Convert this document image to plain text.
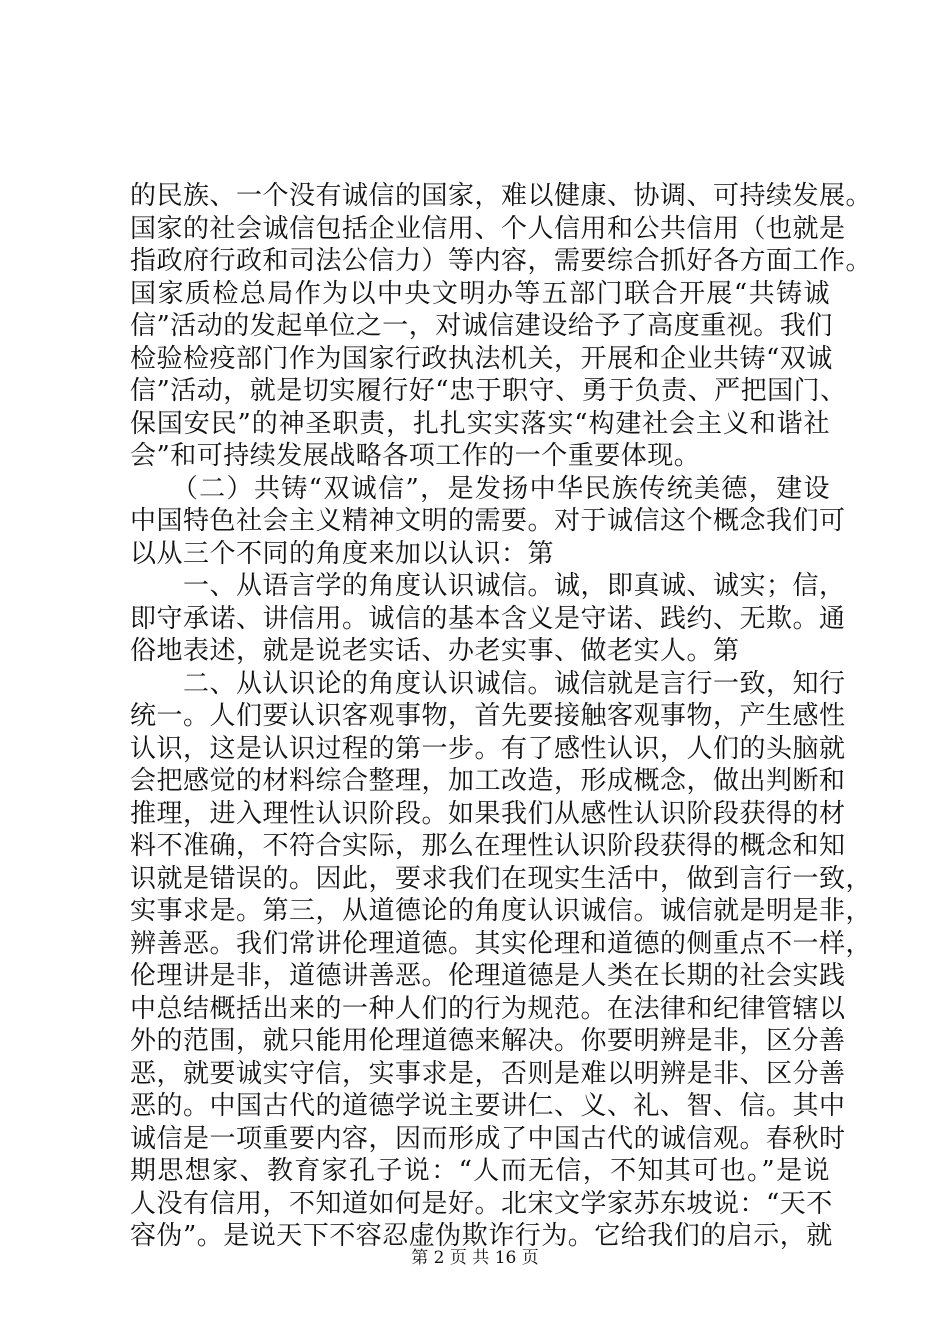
的民族、一个没有诚信的国家，难以健康、协调、可持续发展。
国家的社会诚信包括企业信用、个人信用和公共信用（也就是
指政府行政和司法公信力）等内容，需要综合抓好各方面工作。
国家质检总局作为以中央文明办等五部门联合开展“共铸诚
信”活动的发起单位之一，对诚信建设给予了高度重视。我们
检验检疫部门作为国家行政执法机关，开展和企业共铸“双诚
信”活动，就是切实履行好“忠于职守、勇于负责、严把国门、
保国安民”的神圣职责，扎扎实实落实“构建社会主义和谐社
会”和可持续发展战略各项工作的一个重要体现。
　　（二）共铸“双诚信”，是发扬中华民族传统美德，建设
中国特色社会主义精神文明的需要。对于诚信这个概念我们可
以从三个不同的角度来加以认识：第
　　一、从语言学的角度认识诚信。诚，即真诚、诚实；信，
即守承诺、讲信用。诚信的基本含义是守诺、践约、无欺。通
俗地表述，就是说老实话、办老实事、做老实人。第
　　二、从认识论的角度认识诚信。诚信就是言行一致，知行
统一。人们要认识客观事物，首先要接触客观事物，产生感性
认识，这是认识过程的第一步。有了感性认识，人们的头脑就
会把感觉的材料综合整理，加工改造，形成概念，做出判断和
推理，进入理性认识阶段。如果我们从感性认识阶段获得的材
料不准确，不符合实际，那么在理性认识阶段获得的概念和知
识就是错误的。因此，要求我们在现实生活中，做到言行一致，
实事求是。第三，从道德论的角度认识诚信。诚信就是明是非，
辨善恶。我们常讲伦理道德。其实伦理和道德的侧重点不一样，
伦理讲是非，道德讲善恶。伦理道德是人类在长期的社会实践
中总结概括出来的一种人们的行为规范。在法律和纪律管辖以
外的范围，就只能用伦理道德来解决。你要明辨是非，区分善
恶，就要诚实守信，实事求是，否则是难以明辨是非、区分善
恶的。中国古代的道德学说主要讲仁、义、礼、智、信。其中
诚信是一项重要内容，因而形成了中国古代的诚信观。春秋时
期思想家、教育家孔子说：“人而无信，不知其可也。”是说
人没有信用，不知道如何是好。北宋文学家苏东坡说：“天不
容伪”。是说天下不容忍虚伪欺诈行为。它给我们的启示，就
第 2 页 共 16 页
